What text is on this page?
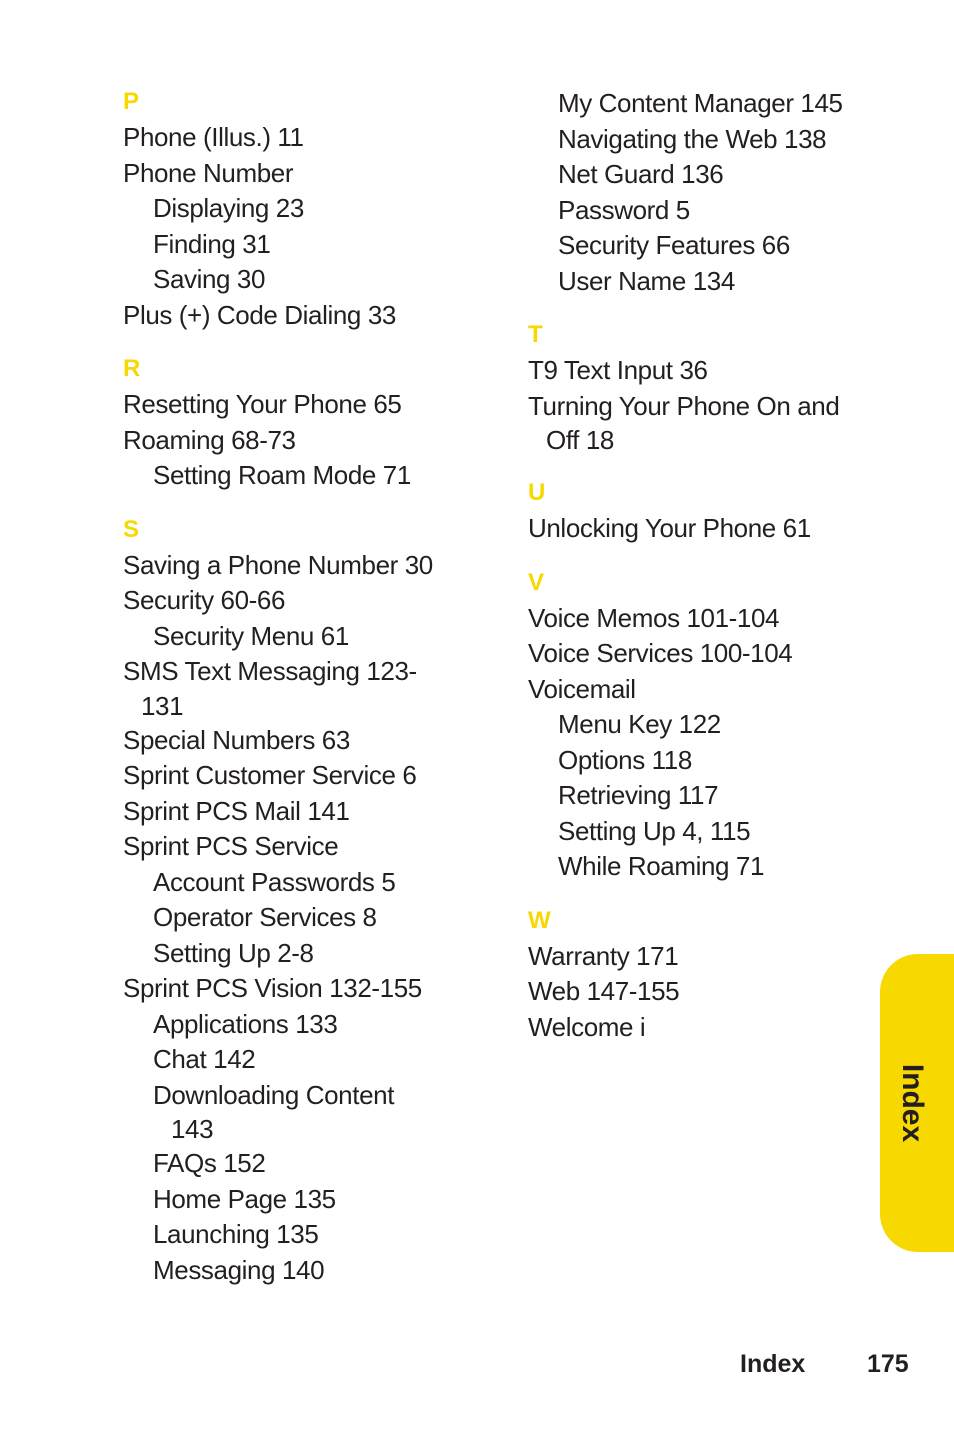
P
Phone (Illus.) 11
Phone Number
Displaying 23
Finding 31
Saving 30
Plus (+) Code Dialing 33
R
Resetting Your Phone 65
Roaming 68-73
Setting Roam Mode 71
S
Saving a Phone Number 30
Security 60-66
Security Menu 61
SMS Text Messaging 123-
131
Special Numbers 63
Sprint Customer Service 6
Sprint PCS Mail 141
Sprint PCS Service
Account Passwords 5
Operator Services 8
Setting Up 2-8
Sprint PCS Vision 132-155
Applications 133
Chat 142
Downloading Content
143
FAQs 152
Home Page 135
Launching 135
Messaging 140
My Content Manager 145
Navigating the Web 138
Net Guard 136
Password 5
Security Features 66
User Name 134
T
T9 Text Input 36
Turning Your Phone On and
Off 18
U
Unlocking Your Phone 61
V
Voice Memos 101-104
Voice Services 100-104
Voicemail
Menu Key 122
Options 118
Retrieving 117
Setting Up 4, 115
While Roaming 71
W
Warranty 171
Web 147-155
Welcome i
Index
Index 175
